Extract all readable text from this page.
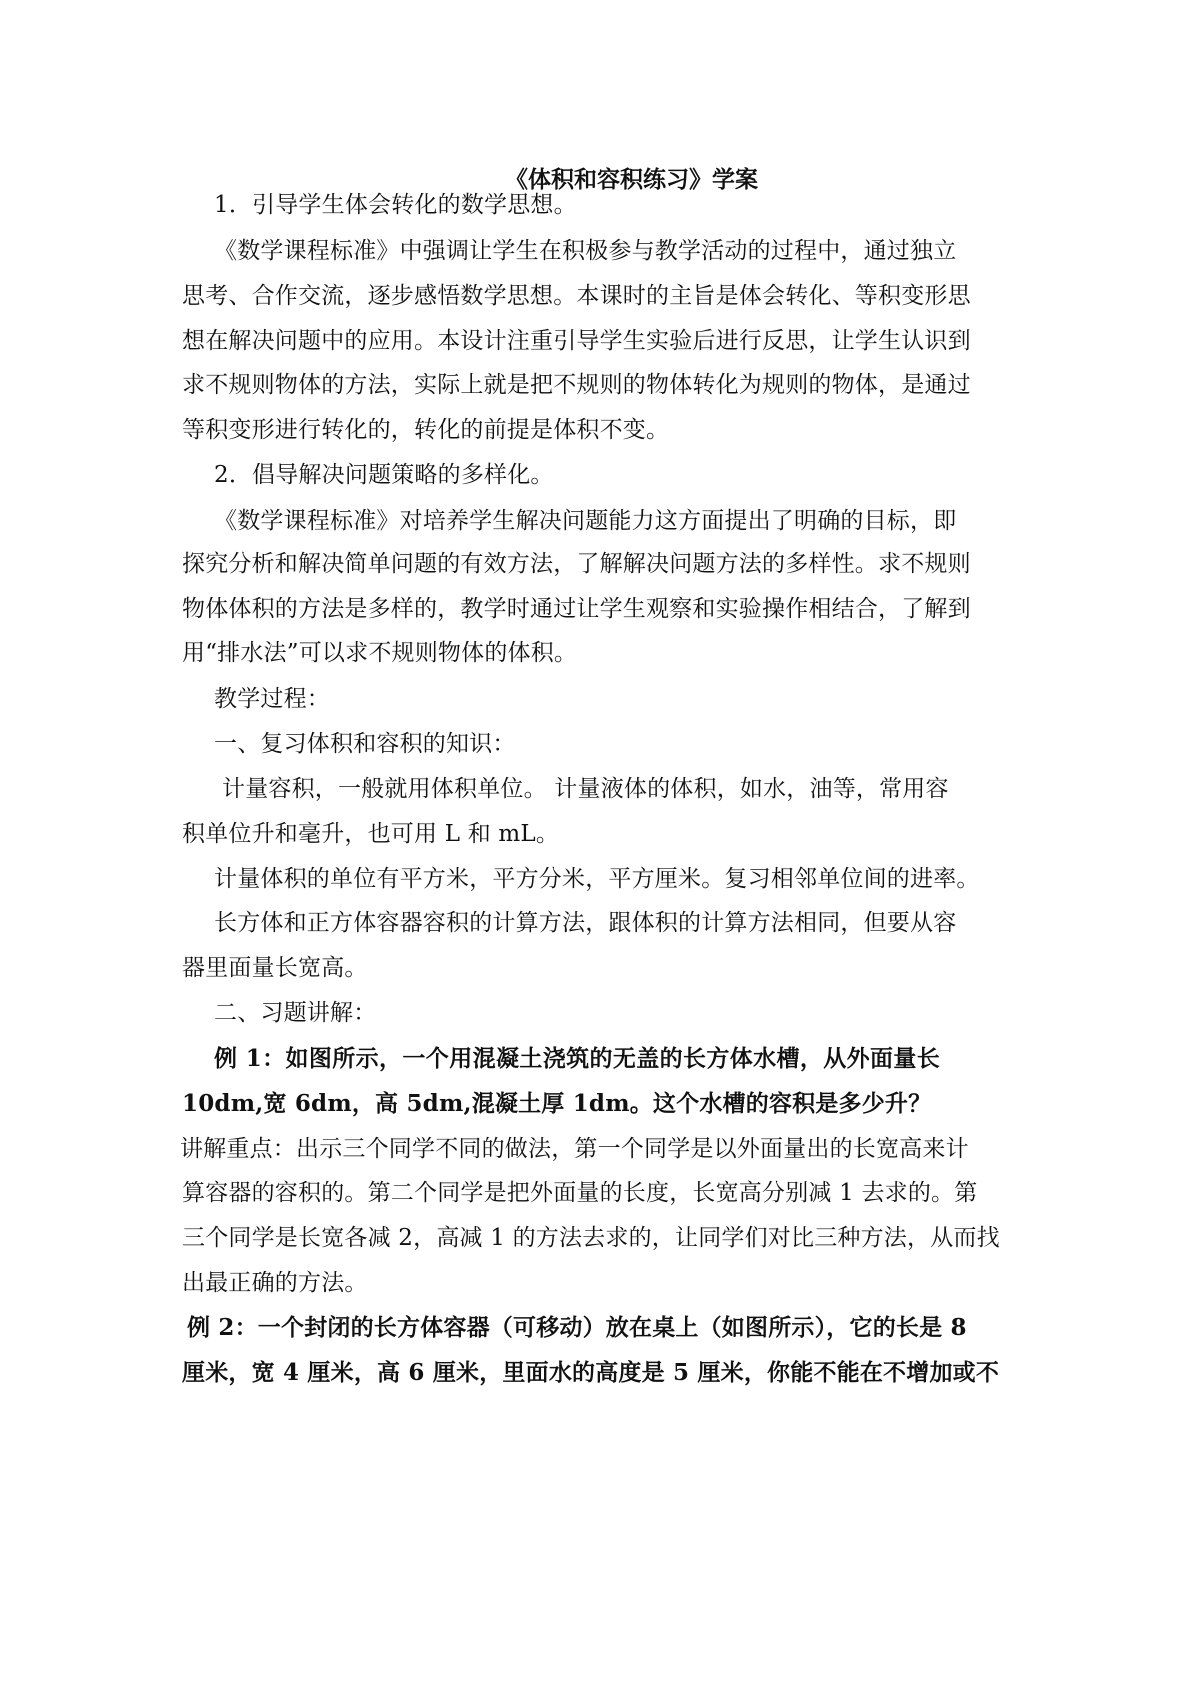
《体积和容积练习》学案
1．引导学生体会转化的数学思想。
《数学课程标准》中强调让学生在积极参与教学活动的过程中，通过独立
思考、合作交流，逐步感悟数学思想。本课时的主旨是体会转化、等积变形思
想在解决问题中的应用。本设计注重引导学生实验后进行反思，让学生认识到
求不规则物体的方法，实际上就是把不规则的物体转化为规则的物体，是通过
等积变形进行转化的，转化的前提是体积不变。
2．倡导解决问题策略的多样化。
《数学课程标准》对培养学生解决问题能力这方面提出了明确的目标，即
探究分析和解决简单问题的有效方法，了解解决问题方法的多样性。求不规则
物体体积的方法是多样的，教学时通过让学生观察和实验操作相结合，了解到
用“排水法”可以求不规则物体的体积。
教学过程：
一、复习体积和容积的知识：
计量容积，一般就用体积单位。 计量液体的体积，如水，油等，常用容
积单位升和毫升，也可用 L 和 mL。
计量体积的单位有平方米，平方分米，平方厘米。复习相邻单位间的进率。
长方体和正方体容器容积的计算方法，跟体积的计算方法相同，但要从容
器里面量长宽高。
二、习题讲解：
例 1：如图所示，一个用混凝土浇筑的无盖的长方体水槽，从外面量长
10dm,宽 6dm，高 5dm,混凝土厚 1dm。这个水槽的容积是多少升？
讲解重点：出示三个同学不同的做法，第一个同学是以外面量出的长宽高来计
算容器的容积的。第二个同学是把外面量的长度，长宽高分别减 1 去求的。第
三个同学是长宽各减 2，高减 1 的方法去求的，让同学们对比三种方法，从而找
出最正确的方法。
例 2：一个封闭的长方体容器（可移动）放在桌上（如图所示），它的长是 8
厘米，宽 4 厘米，高 6 厘米，里面水的高度是 5 厘米，你能不能在不增加或不
